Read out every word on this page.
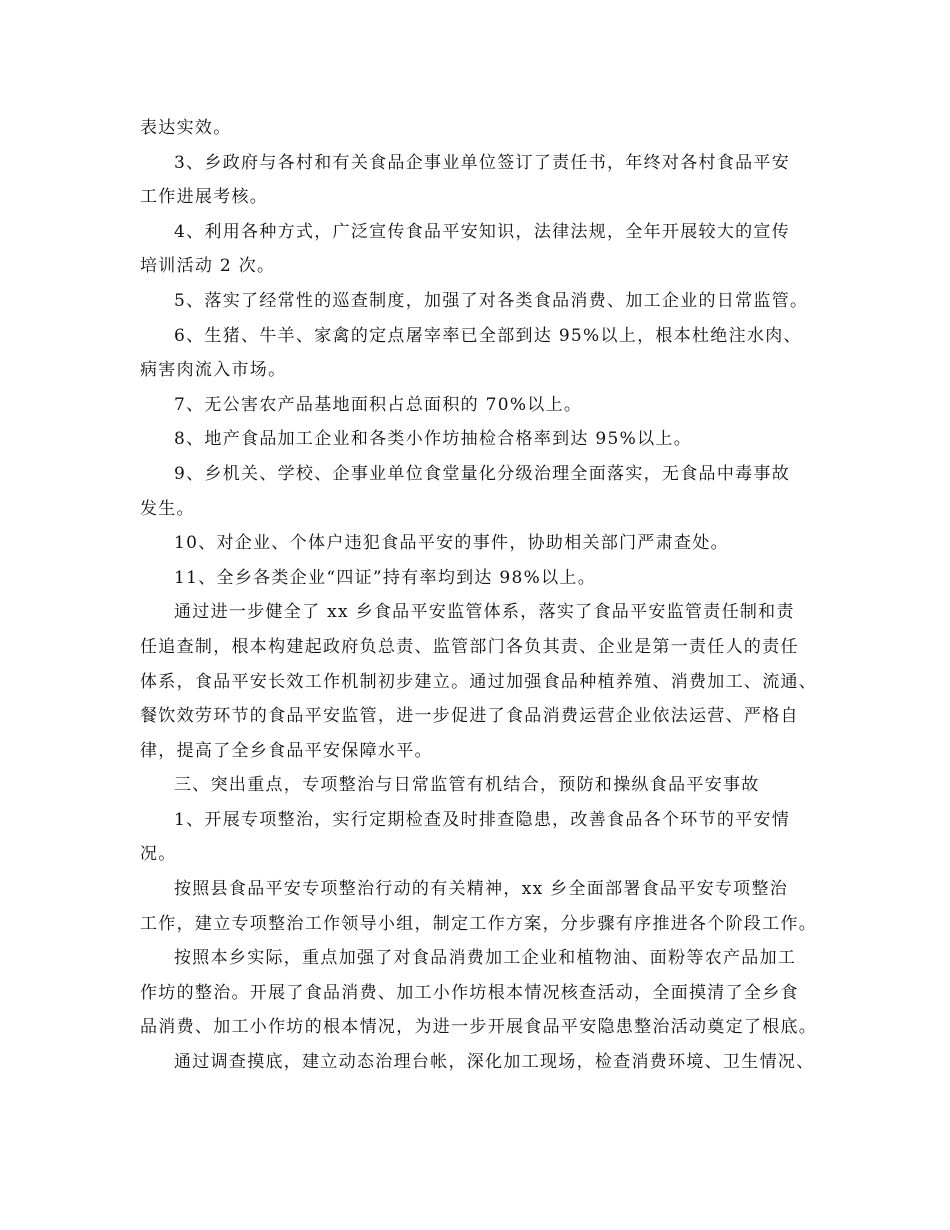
表达实效。
3、乡政府与各村和有关食品企事业单位签订了责任书，年终对各村食品平安
工作进展考核。
4、利用各种方式，广泛宣传食品平安知识，法律法规，全年开展较大的宣传
培训活动 2 次。
5、落实了经常性的巡查制度，加强了对各类食品消费、加工企业的日常监管。
6、生猪、牛羊、家禽的定点屠宰率已全部到达 95%以上，根本杜绝注水肉、
病害肉流入市场。
7、无公害农产品基地面积占总面积的 70%以上。
8、地产食品加工企业和各类小作坊抽检合格率到达 95%以上。
9、乡机关、学校、企事业单位食堂量化分级治理全面落实，无食品中毒事故
发生。
10、对企业、个体户违犯食品平安的事件，协助相关部门严肃查处。
11、全乡各类企业“四证”持有率均到达 98%以上。
通过进一步健全了 xx 乡食品平安监管体系，落实了食品平安监管责任制和责
任追查制，根本构建起政府负总责、监管部门各负其责、企业是第一责任人的责任
体系，食品平安长效工作机制初步建立。通过加强食品种植养殖、消费加工、流通、
餐饮效劳环节的食品平安监管，进一步促进了食品消费运营企业依法运营、严格自
律，提高了全乡食品平安保障水平。
三、突出重点，专项整治与日常监管有机结合，预防和操纵食品平安事故
1、开展专项整治，实行定期检查及时排查隐患，改善食品各个环节的平安情
况。
按照县食品平安专项整治行动的有关精神，xx 乡全面部署食品平安专项整治
工作，建立专项整治工作领导小组，制定工作方案，分步骤有序推进各个阶段工作。
按照本乡实际，重点加强了对食品消费加工企业和植物油、面粉等农产品加工
作坊的整治。开展了食品消费、加工小作坊根本情况核查活动，全面摸清了全乡食
品消费、加工小作坊的根本情况，为进一步开展食品平安隐患整治活动奠定了根底。
通过调查摸底，建立动态治理台帐，深化加工现场，检查消费环境、卫生情况、
